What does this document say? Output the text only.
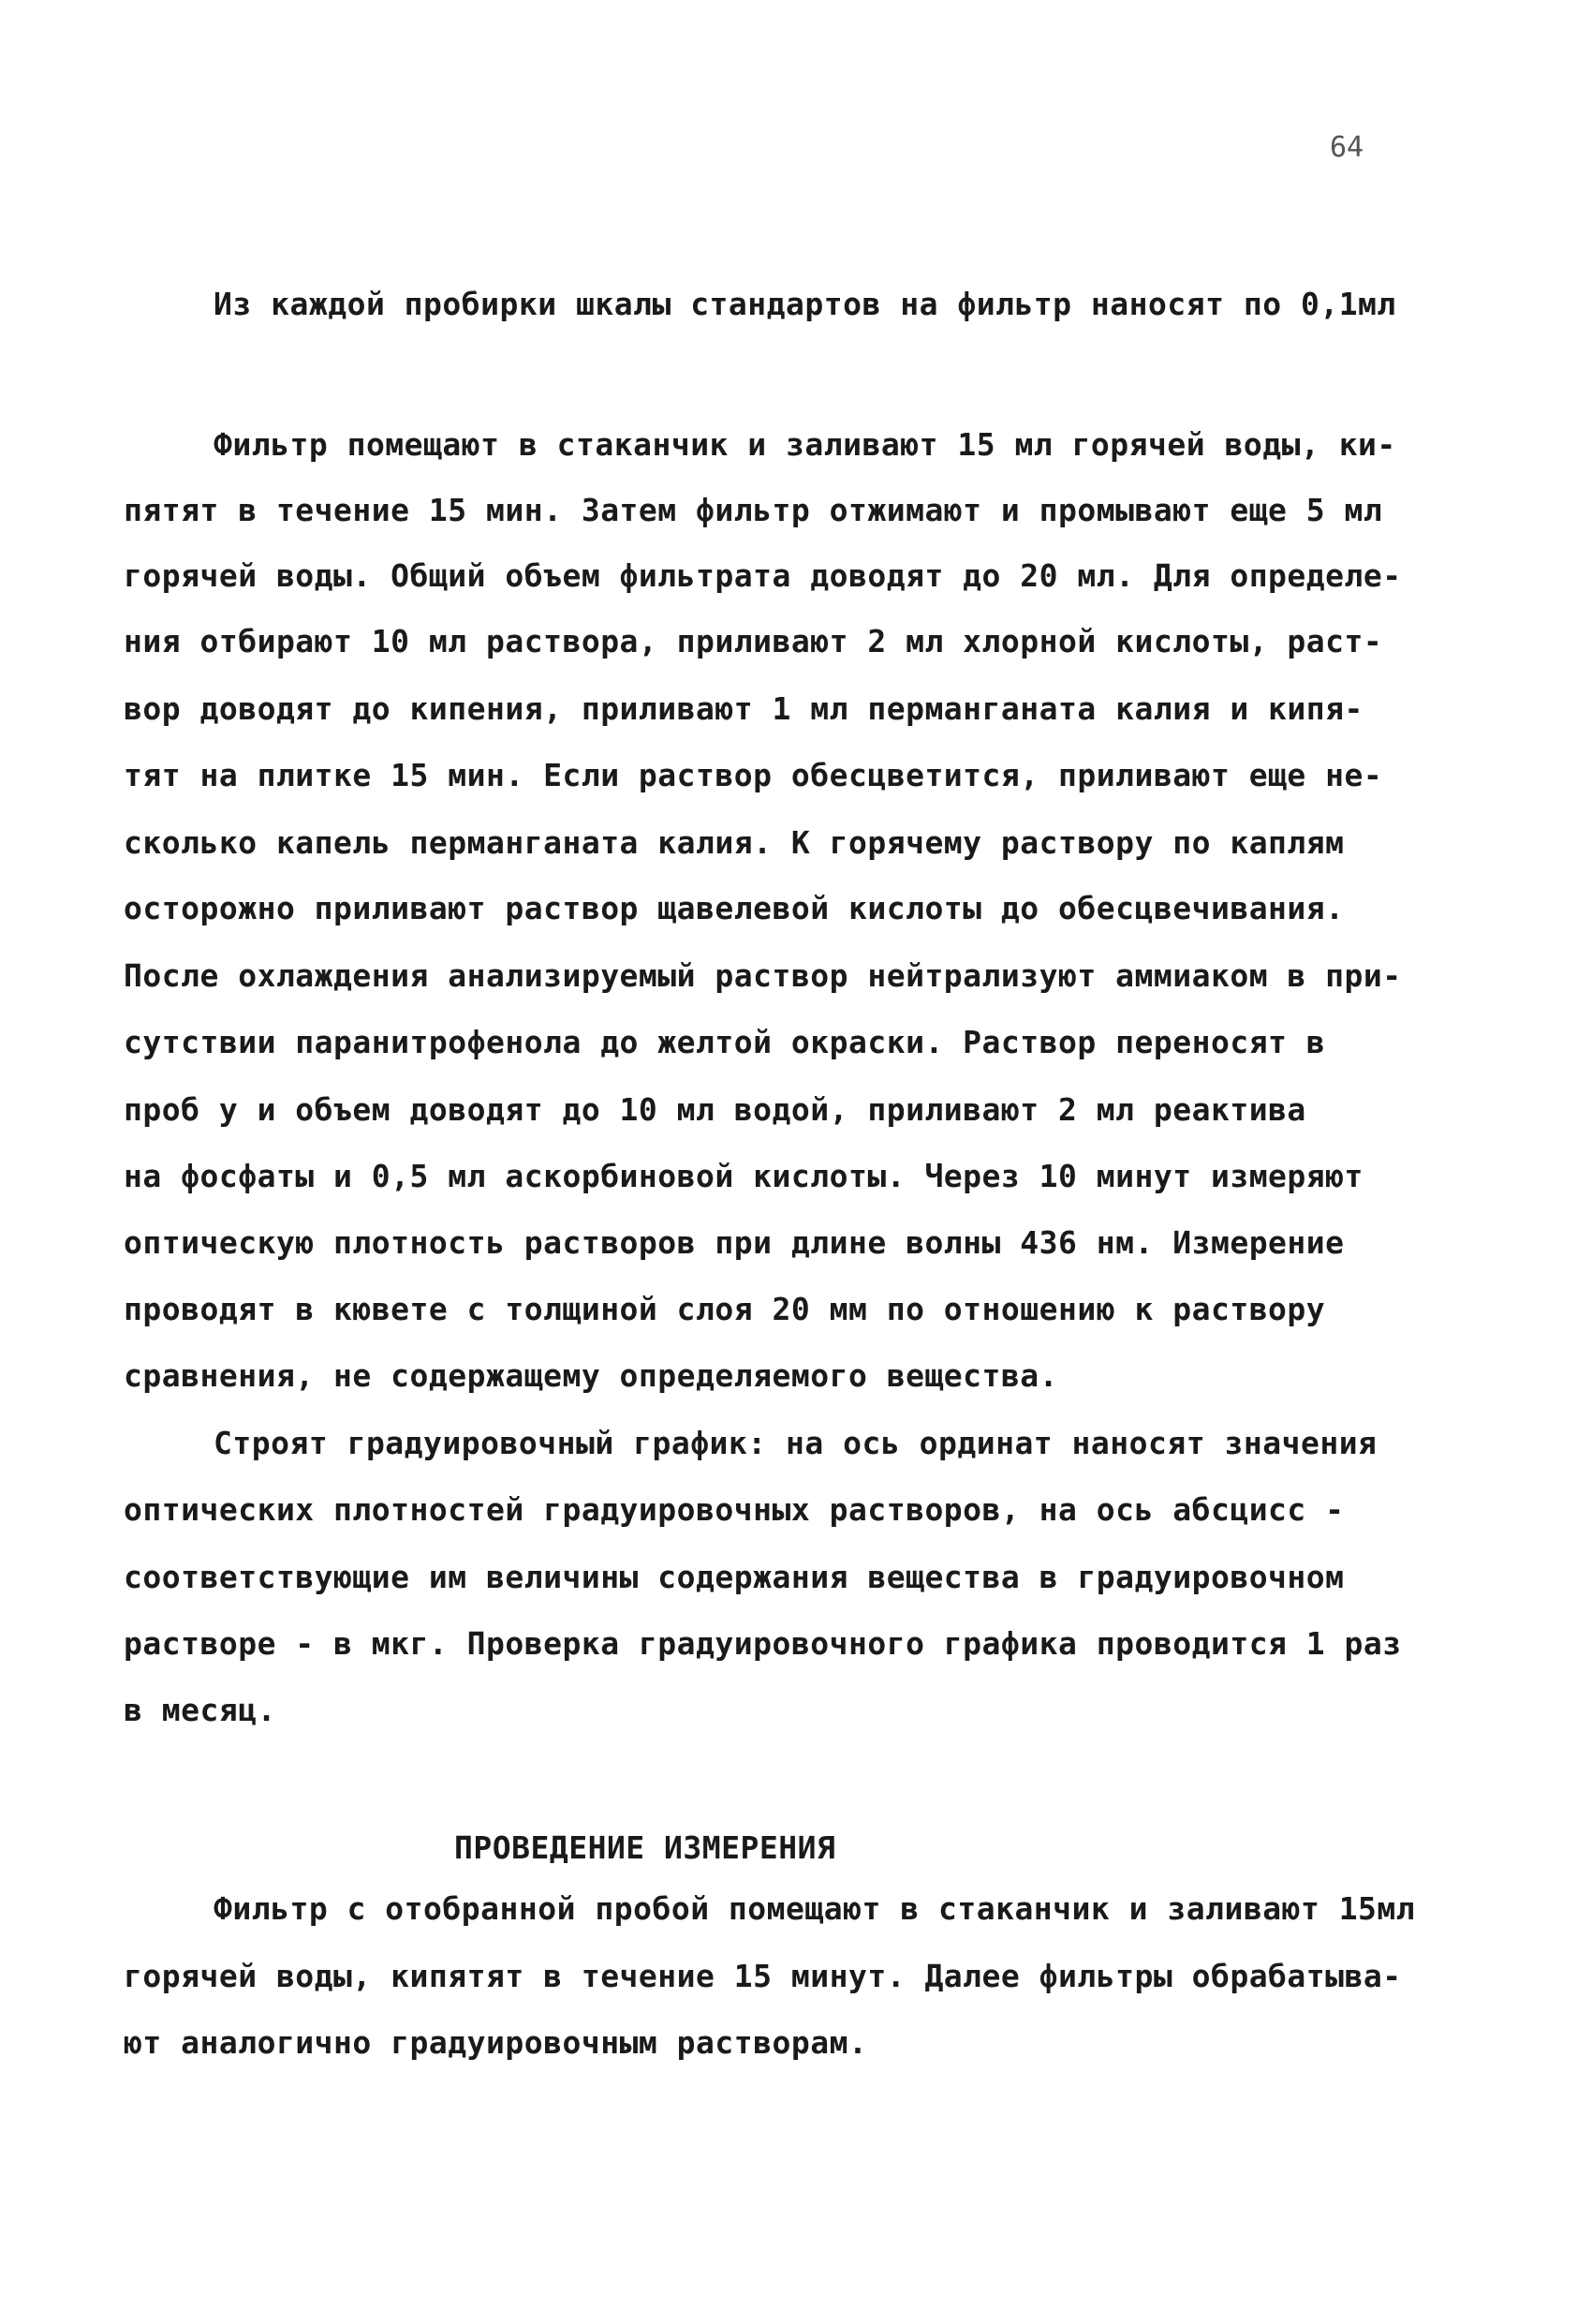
64
Из каждой пробирки шкалы стандартов на фильтр наносят по 0,1мл
Фильтр помещают в стаканчик и заливают 15 мл горячей воды, ки-
пятят в течение 15 мин. Затем фильтр отжимают и промывают еще 5 мл
горячей воды. Общий объем фильтрата доводят до 20 мл. Для определе-
ния отбирают 10 мл раствора, приливают 2 мл хлорной кислоты, раст-
вор доводят до кипения, приливают 1 мл перманганата калия и кипя-
тят на плитке 15 мин. Если раствор обесцветится, приливают еще не-
сколько капель перманганата калия. К горячему раствору по каплям
осторожно приливают раствор щавелевой кислоты до обесцвечивания.
После охлаждения анализируемый раствор нейтрализуют аммиаком в при-
сутствии паранитрофенола до желтой окраски. Раствор переносят в
проб у и объем доводят до 10 мл водой, приливают 2 мл реактива
на фосфаты и 0,5 мл аскорбиновой кислоты. Через 10 минут измеряют
оптическую плотность растворов при длине волны 436 нм. Измерение
проводят в кювете с толщиной слоя 20 мм по отношению к раствору
сравнения, не содержащему определяемого вещества.
Строят градуировочный график: на ось ординат наносят значения
оптических плотностей градуировочных растворов, на ось абсцисс -
соответствующие им величины содержания вещества в градуировочном
растворе - в мкг. Проверка градуировочного графика проводится 1 раз
в месяц.
ПРОВЕДЕНИЕ ИЗМЕРЕНИЯ
Фильтр с отобранной пробой помещают в стаканчик и заливают 15мл
горячей воды, кипятят в течение 15 минут. Далее фильтры обрабатыва-
ют аналогично градуировочным растворам.
